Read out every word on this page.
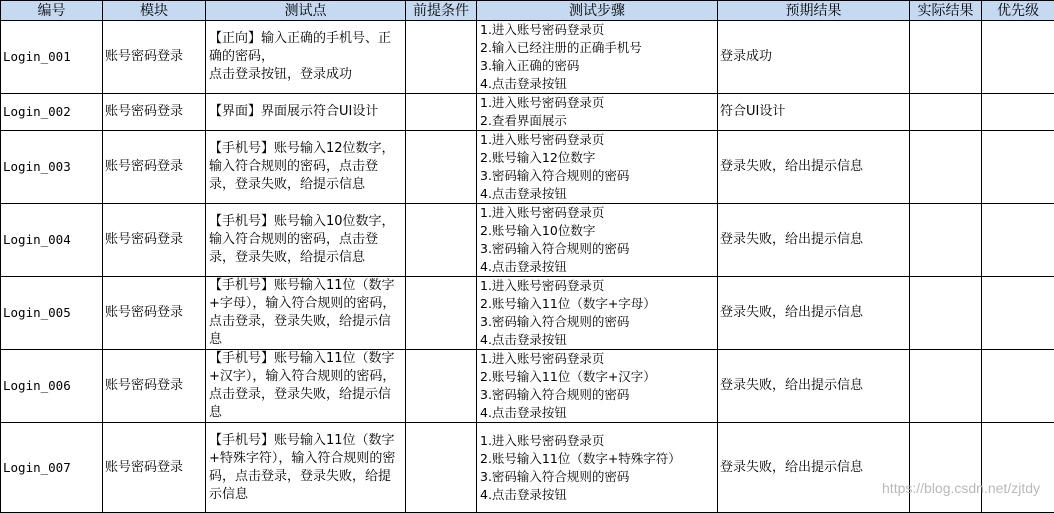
编号	模块	测试点	前提条件	测试步骤	预期结果	实际结果	优先级
Login_001	账号密码登录	【正向】输入正确的手机号、正确的密码，
点击登录按钮，登录成功		1.进入账号密码登录页
2.输入已经注册的正确手机号
3.输入正确的密码
4.点击登录按钮	登录成功		
Login_002	账号密码登录	【界面】界面展示符合UI设计		1.进入账号密码登录页
2.查看界面展示	符合UI设计		
Login_003	账号密码登录	【手机号】账号输入12位数字，输入符合规则的密码，点击登录，登录失败，给提示信息		1.进入账号密码登录页
2.账号输入12位数字
3.密码输入符合规则的密码
4.点击登录按钮	登录失败，给出提示信息		
Login_004	账号密码登录	【手机号】账号输入10位数字，输入符合规则的密码，点击登录，登录失败，给提示信息		1.进入账号密码登录页
2.账号输入10位数字
3.密码输入符合规则的密码
4.点击登录按钮	登录失败，给出提示信息		
Login_005	账号密码登录	【手机号】账号输入11位（数字+字母），输入符合规则的密码，点击登录，登录失败，给提示信息		1.进入账号密码登录页
2.账号输入11位（数字+字母）
3.密码输入符合规则的密码
4.点击登录按钮	登录失败，给出提示信息		
Login_006	账号密码登录	【手机号】账号输入11位（数字+汉字），输入符合规则的密码，点击登录，登录失败，给提示信息		1.进入账号密码登录页
2.账号输入11位（数字+汉字）
3.密码输入符合规则的密码
4.点击登录按钮	登录失败，给出提示信息		
Login_007	账号密码登录	【手机号】账号输入11位（数字+特殊字符），输入符合规则的密码，点击登录，登录失败，给提示信息		1.进入账号密码登录页
2.账号输入11位（数字+特殊字符）
3.密码输入符合规则的密码
4.点击登录按钮	登录失败，给出提示信息		
https://blog.csdn.net/zjtdy
